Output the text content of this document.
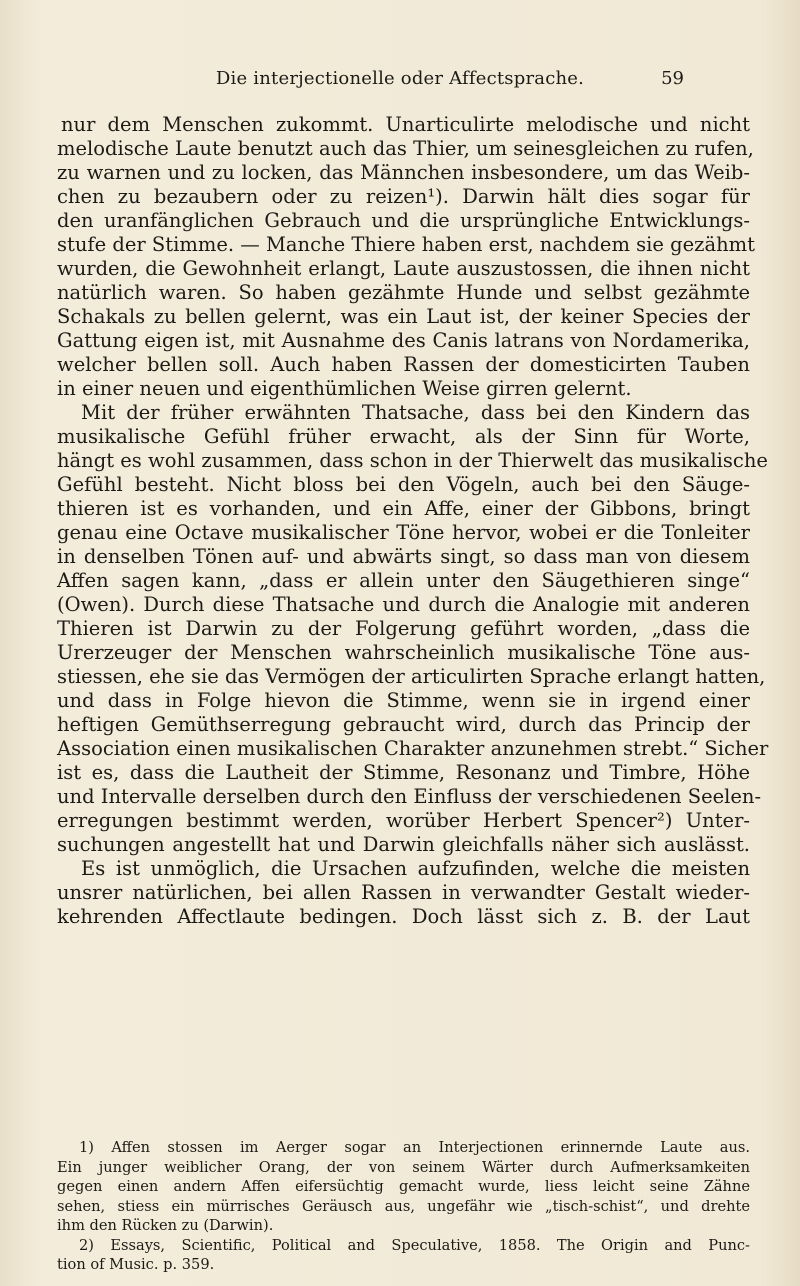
Die interjectionelle oder Affectsprache.	59
nur dem Menschen zukommt. Unarticulirte melodische und nicht
melodische Laute benutzt auch das Thier, um seinesgleichen zu rufen,
zu warnen und zu locken, das Männchen insbesondere, um das Weib-
chen zu bezaubern oder zu reizen¹). Darwin hält dies sogar für
den uranfänglichen Gebrauch und die ursprüngliche Entwicklungs-
stufe der Stimme. — Manche Thiere haben erst, nachdem sie gezähmt
wurden, die Gewohnheit erlangt, Laute auszustossen, die ihnen nicht
natürlich waren. So haben gezähmte Hunde und selbst gezähmte
Schakals zu bellen gelernt, was ein Laut ist, der keiner Species der
Gattung eigen ist, mit Ausnahme des Canis latrans von Nordamerika,
welcher bellen soll. Auch haben Rassen der domesticirten Tauben
in einer neuen und eigenthümlichen Weise girren gelernt.
Mit der früher erwähnten Thatsache, dass bei den Kindern das
musikalische Gefühl früher erwacht, als der Sinn für Worte,
hängt es wohl zusammen, dass schon in der Thierwelt das musikalische
Gefühl besteht. Nicht bloss bei den Vögeln, auch bei den Säuge-
thieren ist es vorhanden, und ein Affe, einer der Gibbons, bringt
genau eine Octave musikalischer Töne hervor, wobei er die Tonleiter
in denselben Tönen auf- und abwärts singt, so dass man von diesem
Affen sagen kann, „dass er allein unter den Säugethieren singe“
(Owen). Durch diese Thatsache und durch die Analogie mit anderen
Thieren ist Darwin zu der Folgerung geführt worden, „dass die
Urerzeuger der Menschen wahrscheinlich musikalische Töne aus-
stiessen, ehe sie das Vermögen der articulirten Sprache erlangt hatten,
und dass in Folge hievon die Stimme, wenn sie in irgend einer
heftigen Gemüthserregung gebraucht wird, durch das Princip der
Association einen musikalischen Charakter anzunehmen strebt.“ Sicher
ist es, dass die Lautheit der Stimme, Resonanz und Timbre, Höhe
und Intervalle derselben durch den Einfluss der verschiedenen Seelen-
erregungen bestimmt werden, worüber Herbert Spencer²) Unter-
suchungen angestellt hat und Darwin gleichfalls näher sich auslässt.
Es ist unmöglich, die Ursachen aufzufinden, welche die meisten
unsrer natürlichen, bei allen Rassen in verwandter Gestalt wieder-
kehrenden Affectlaute bedingen. Doch lässt sich z. B. der Laut
1) Affen stossen im Aerger sogar an Interjectionen erinnernde Laute aus.
Ein junger weiblicher Orang, der von seinem Wärter durch Aufmerksamkeiten
gegen einen andern Affen eifersüchtig gemacht wurde, liess leicht seine Zähne
sehen, stiess ein mürrisches Geräusch aus, ungefähr wie „tisch-schist“, und drehte
ihm den Rücken zu (Darwin).
2) Essays, Scientific, Political and Speculative, 1858. The Origin and Punc-
tion of Music. p. 359.
